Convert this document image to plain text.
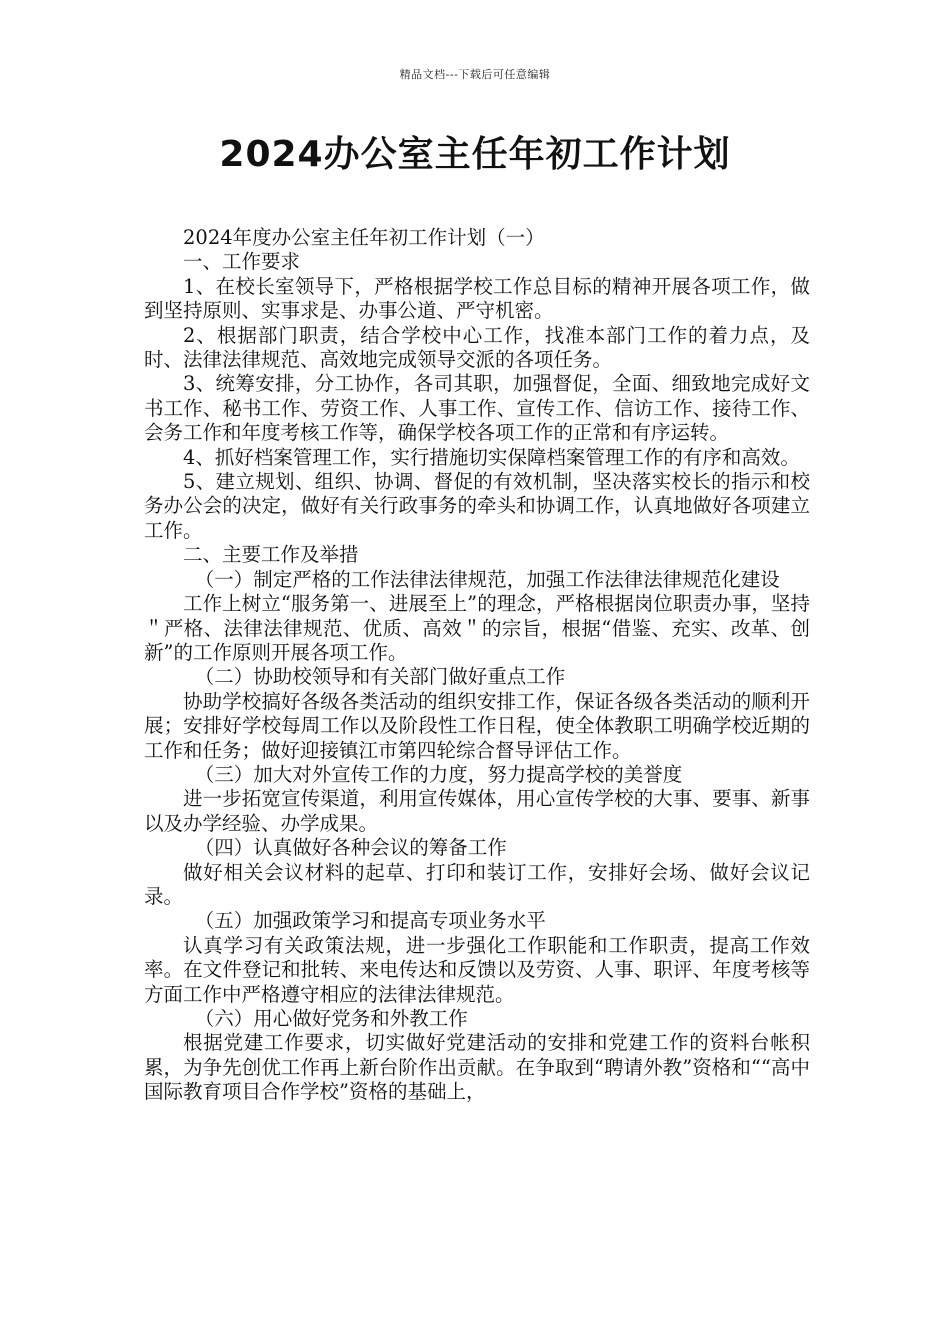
精品文档---下载后可任意编辑
2024办公室主任年初工作计划

2024年度办公室主任年初工作计划（一）

一、工作要求

1、在校长室领导下，严格根据学校工作总目标的精神开展各项工作，做到坚持原则、实事求是、办事公道、严守机密。

2、根据部门职责，结合学校中心工作，找准本部门工作的着力点，及时、法律法律规范、高效地完成领导交派的各项任务。

3、统筹安排，分工协作，各司其职，加强督促，全面、细致地完成好文书工作、秘书工作、劳资工作、人事工作、宣传工作、信访工作、接待工作、会务工作和年度考核工作等，确保学校各项工作的正常和有序运转。

4、抓好档案管理工作，实行措施切实保障档案管理工作的有序和高效。

5、建立规划、组织、协调、督促的有效机制，坚决落实校长的指示和校务办公会的决定，做好有关行政事务的牵头和协调工作，认真地做好各项建立工作。

二、主要工作及举措

（一）制定严格的工作法律法律规范，加强工作法律法律规范化建设

工作上树立“服务第一、进展至上”的理念，严格根据岗位职责办事，坚持＂严格、法律法律规范、优质、高效＂的宗旨，根据“借鉴、充实、改革、创新”的工作原则开展各项工作。

（二）协助校领导和有关部门做好重点工作

协助学校搞好各级各类活动的组织安排工作，保证各级各类活动的顺利开展；安排好学校每周工作以及阶段性工作日程，使全体教职工明确学校近期的工作和任务；做好迎接镇江市第四轮综合督导评估工作。

（三）加大对外宣传工作的力度，努力提高学校的美誉度

进一步拓宽宣传渠道，利用宣传媒体，用心宣传学校的大事、要事、新事以及办学经验、办学成果。

（四）认真做好各种会议的筹备工作

做好相关会议材料的起草、打印和装订工作，安排好会场、做好会议记录。

（五）加强政策学习和提高专项业务水平

认真学习有关政策法规，进一步强化工作职能和工作职责，提高工作效率。在文件登记和批转、来电传达和反馈以及劳资、人事、职评、年度考核等方面工作中严格遵守相应的法律法律规范。

（六）用心做好党务和外教工作

根据党建工作要求，切实做好党建活动的安排和党建工作的资料台帐积累，为争先创优工作再上新台阶作出贡献。在争取到“聘请外教”资格和““高中国际教育项目合作学校”资格的基础上，
